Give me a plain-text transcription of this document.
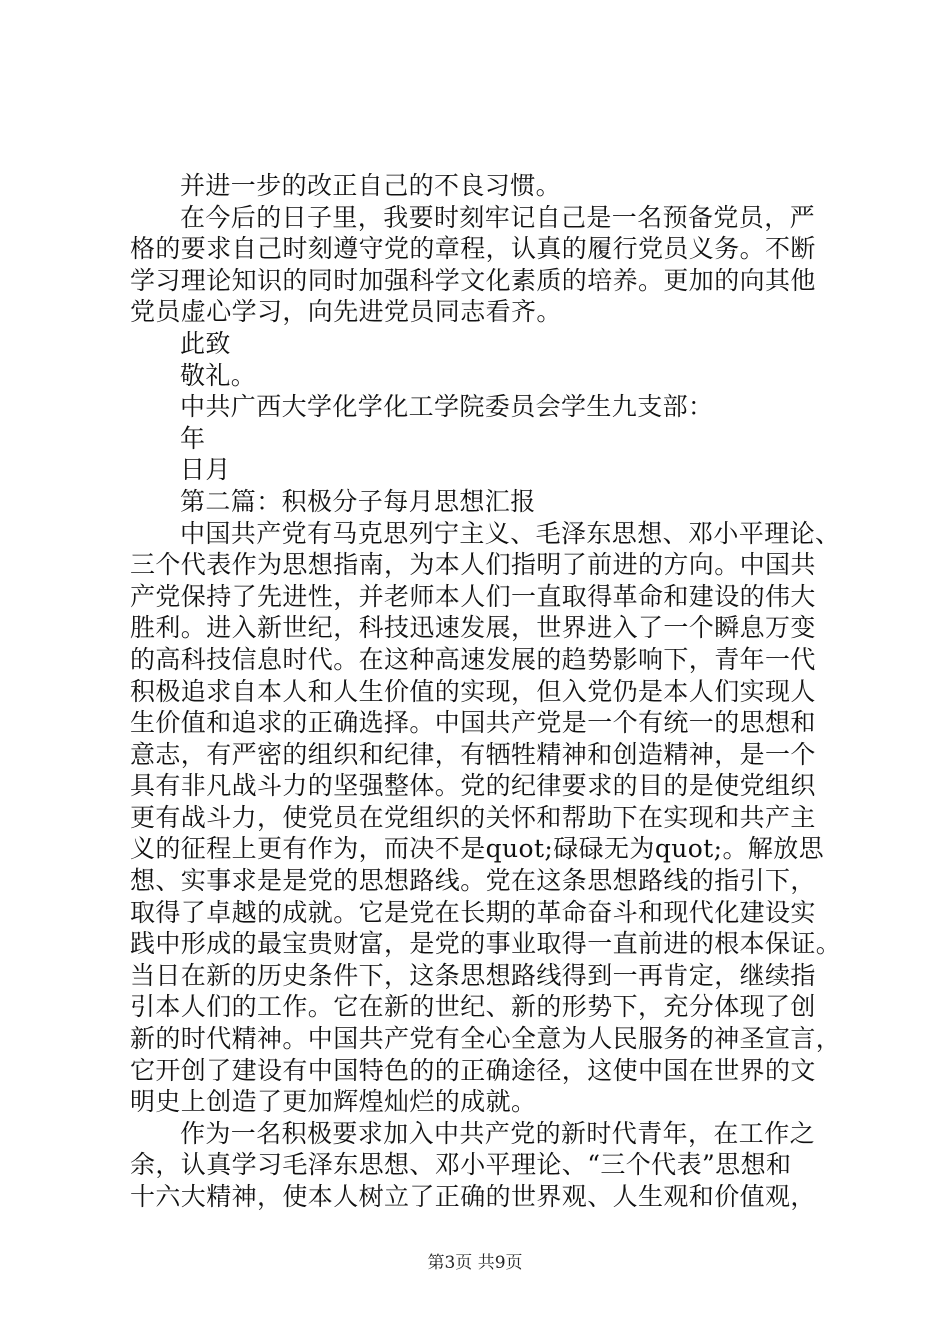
并进一步的改正自己的不良习惯。
在今后的日子里，我要时刻牢记自己是一名预备党员，严
格的要求自己时刻遵守党的章程，认真的履行党员义务。不断
学习理论知识的同时加强科学文化素质的培养。更加的向其他
党员虚心学习，向先进党员同志看齐。
此致
敬礼。
中共广西大学化学化工学院委员会学生九支部：
年
日月
第二篇：积极分子每月思想汇报
中国共产党有马克思列宁主义、毛泽东思想、邓小平理论、
三个代表作为思想指南，为本人们指明了前进的方向。中国共
产党保持了先进性，并老师本人们一直取得革命和建设的伟大
胜利。进入新世纪，科技迅速发展，世界进入了一个瞬息万变
的高科技信息时代。在这种高速发展的趋势影响下，青年一代
积极追求自本人和人生价值的实现，但入党仍是本人们实现人
生价值和追求的正确选择。中国共产党是一个有统一的思想和
意志，有严密的组织和纪律，有牺牲精神和创造精神，是一个
具有非凡战斗力的坚强整体。党的纪律要求的目的是使党组织
更有战斗力，使党员在党组织的关怀和帮助下在实现和共产主
义的征程上更有作为，而决不是quot;碌碌无为quot;。解放思
想、实事求是是党的思想路线。党在这条思想路线的指引下，
取得了卓越的成就。它是党在长期的革命奋斗和现代化建设实
践中形成的最宝贵财富，是党的事业取得一直前进的根本保证。
当日在新的历史条件下，这条思想路线得到一再肯定，继续指
引本人们的工作。它在新的世纪、新的形势下，充分体现了创
新的时代精神。中国共产党有全心全意为人民服务的神圣宣言，
它开创了建设有中国特色的的正确途径，这使中国在世界的文
明史上创造了更加辉煌灿烂的成就。
作为一名积极要求加入中共产党的新时代青年，在工作之
余，认真学习毛泽东思想、邓小平理论、“三个代表”思想和
十六大精神，使本人树立了正确的世界观、人生观和价值观，
第3页 共9页
